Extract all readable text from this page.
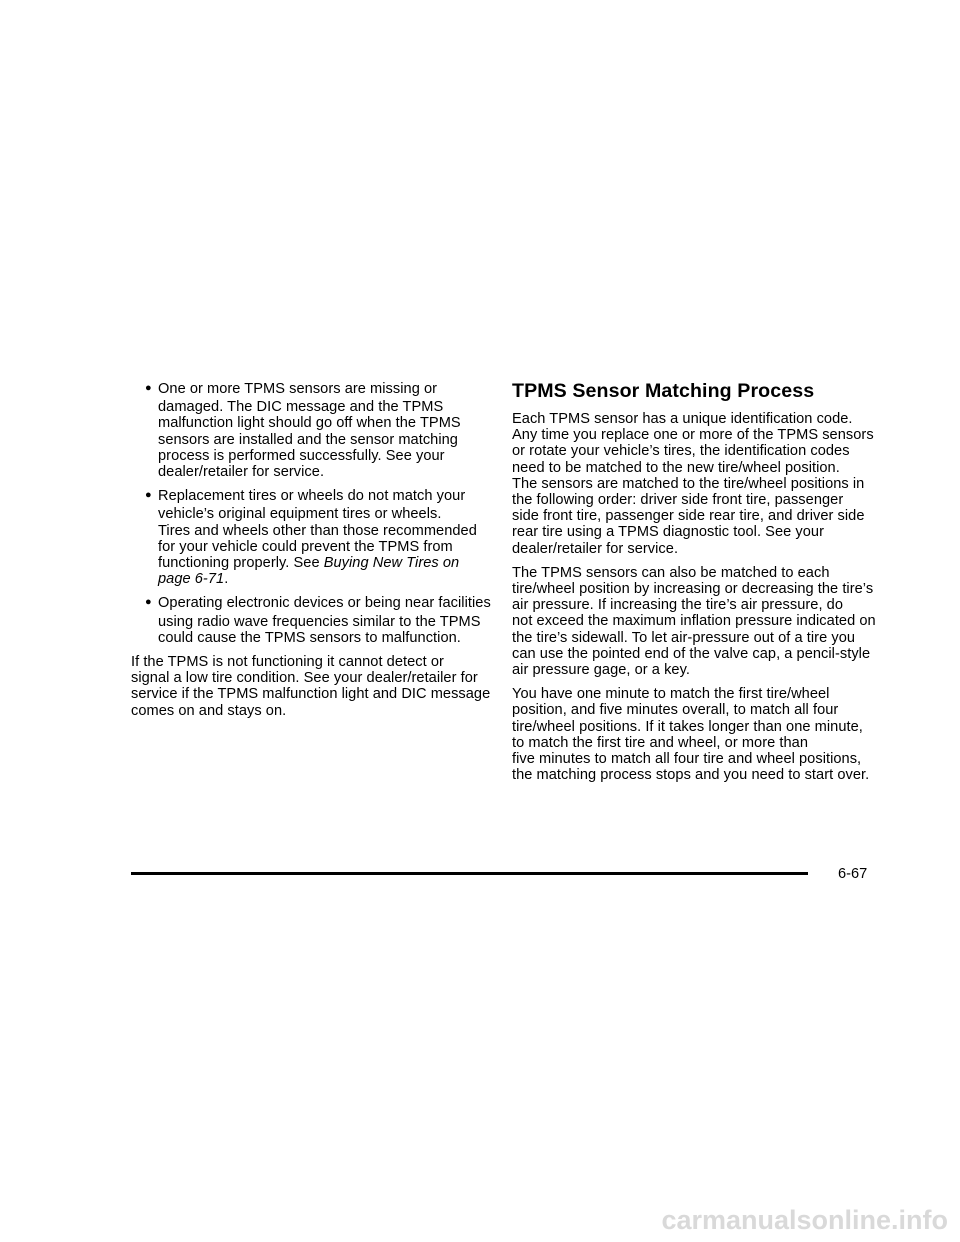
● One or more TPMS sensors are missing or
damaged. The DIC message and the TPMS
malfunction light should go off when the TPMS
sensors are installed and the sensor matching
process is performed successfully. See your
dealer/retailer for service.
● Replacement tires or wheels do not match your
vehicle’s original equipment tires or wheels.
Tires and wheels other than those recommended
for your vehicle could prevent the TPMS from
functioning properly. See Buying New Tires on
page 6-71.
● Operating electronic devices or being near facilities
using radio wave frequencies similar to the TPMS
could cause the TPMS sensors to malfunction.
If the TPMS is not functioning it cannot detect or
signal a low tire condition. See your dealer/retailer for
service if the TPMS malfunction light and DIC message
comes on and stays on.
TPMS Sensor Matching Process
Each TPMS sensor has a unique identification code.
Any time you replace one or more of the TPMS sensors
or rotate your vehicle’s tires, the identification codes
need to be matched to the new tire/wheel position.
The sensors are matched to the tire/wheel positions in
the following order: driver side front tire, passenger
side front tire, passenger side rear tire, and driver side
rear tire using a TPMS diagnostic tool. See your
dealer/retailer for service.
The TPMS sensors can also be matched to each
tire/wheel position by increasing or decreasing the tire’s
air pressure. If increasing the tire’s air pressure, do
not exceed the maximum inflation pressure indicated on
the tire’s sidewall. To let air-pressure out of a tire you
can use the pointed end of the valve cap, a pencil-style
air pressure gage, or a key.
You have one minute to match the first tire/wheel
position, and five minutes overall, to match all four
tire/wheel positions. If it takes longer than one minute,
to match the first tire and wheel, or more than
five minutes to match all four tire and wheel positions,
the matching process stops and you need to start over.
6-67
carmanualsonline.info
